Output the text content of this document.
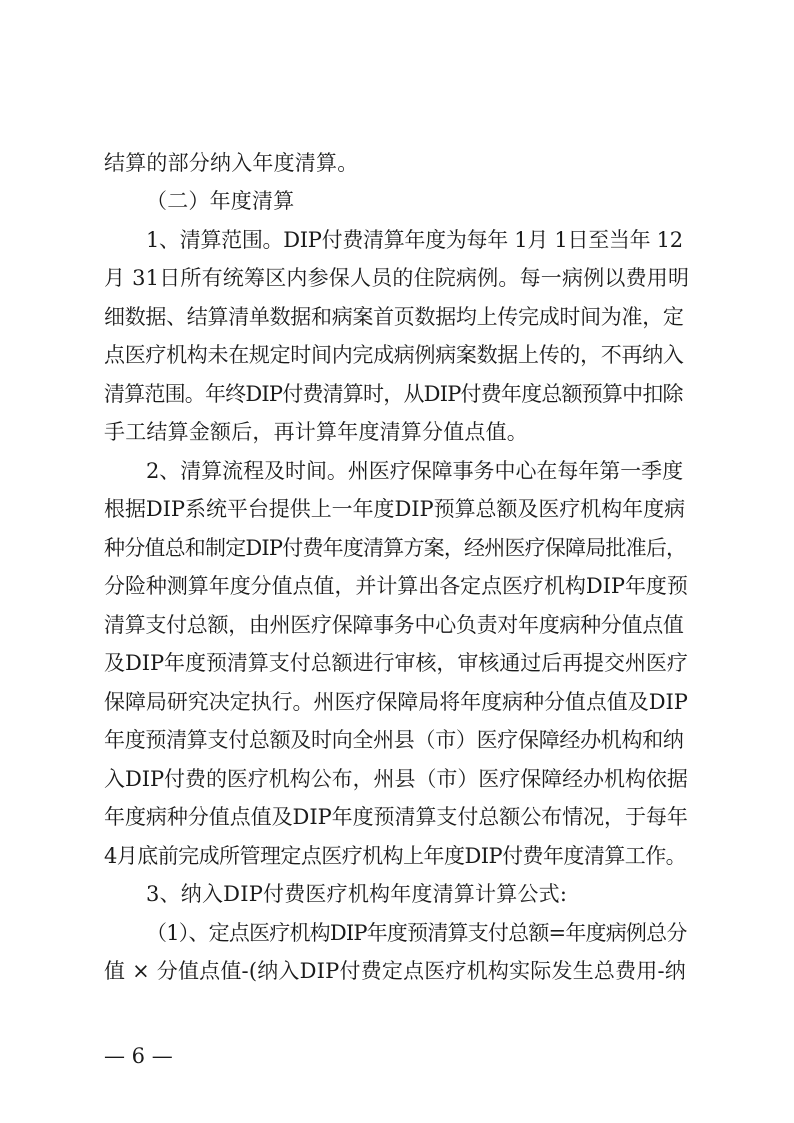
结算的部分纳入年度清算。
（二）年度清算
1、清算范围。DIP付费清算年度为每年 1月 1日至当年 12
月 31日所有统筹区内参保人员的住院病例。每一病例以费用明
细数据、结算清单数据和病案首页数据均上传完成时间为准，定
点医疗机构未在规定时间内完成病例病案数据上传的，不再纳入
清算范围。年终DIP付费清算时，从DIP付费年度总额预算中扣除
手工结算金额后，再计算年度清算分值点值。
2、清算流程及时间。州医疗保障事务中心在每年第一季度
根据DIP系统平台提供上一年度DIP预算总额及医疗机构年度病
种分值总和制定DIP付费年度清算方案，经州医疗保障局批准后，
分险种测算年度分值点值，并计算出各定点医疗机构DIP年度预
清算支付总额，由州医疗保障事务中心负责对年度病种分值点值
及DIP年度预清算支付总额进行审核，审核通过后再提交州医疗
保障局研究决定执行。州医疗保障局将年度病种分值点值及DIP
年度预清算支付总额及时向全州县（市）医疗保障经办机构和纳
入DIP付费的医疗机构公布，州县（市）医疗保障经办机构依据
年度病种分值点值及DIP年度预清算支付总额公布情况，于每年
4月底前完成所管理定点医疗机构上年度DIP付费年度清算工作。
3、纳入DIP付费医疗机构年度清算计算公式:
（1）、定点医疗机构DIP年度预清算支付总额=年度病例总分
值 × 分值点值-(纳入DIP付费定点医疗机构实际发生总费用-纳
— 6 —
